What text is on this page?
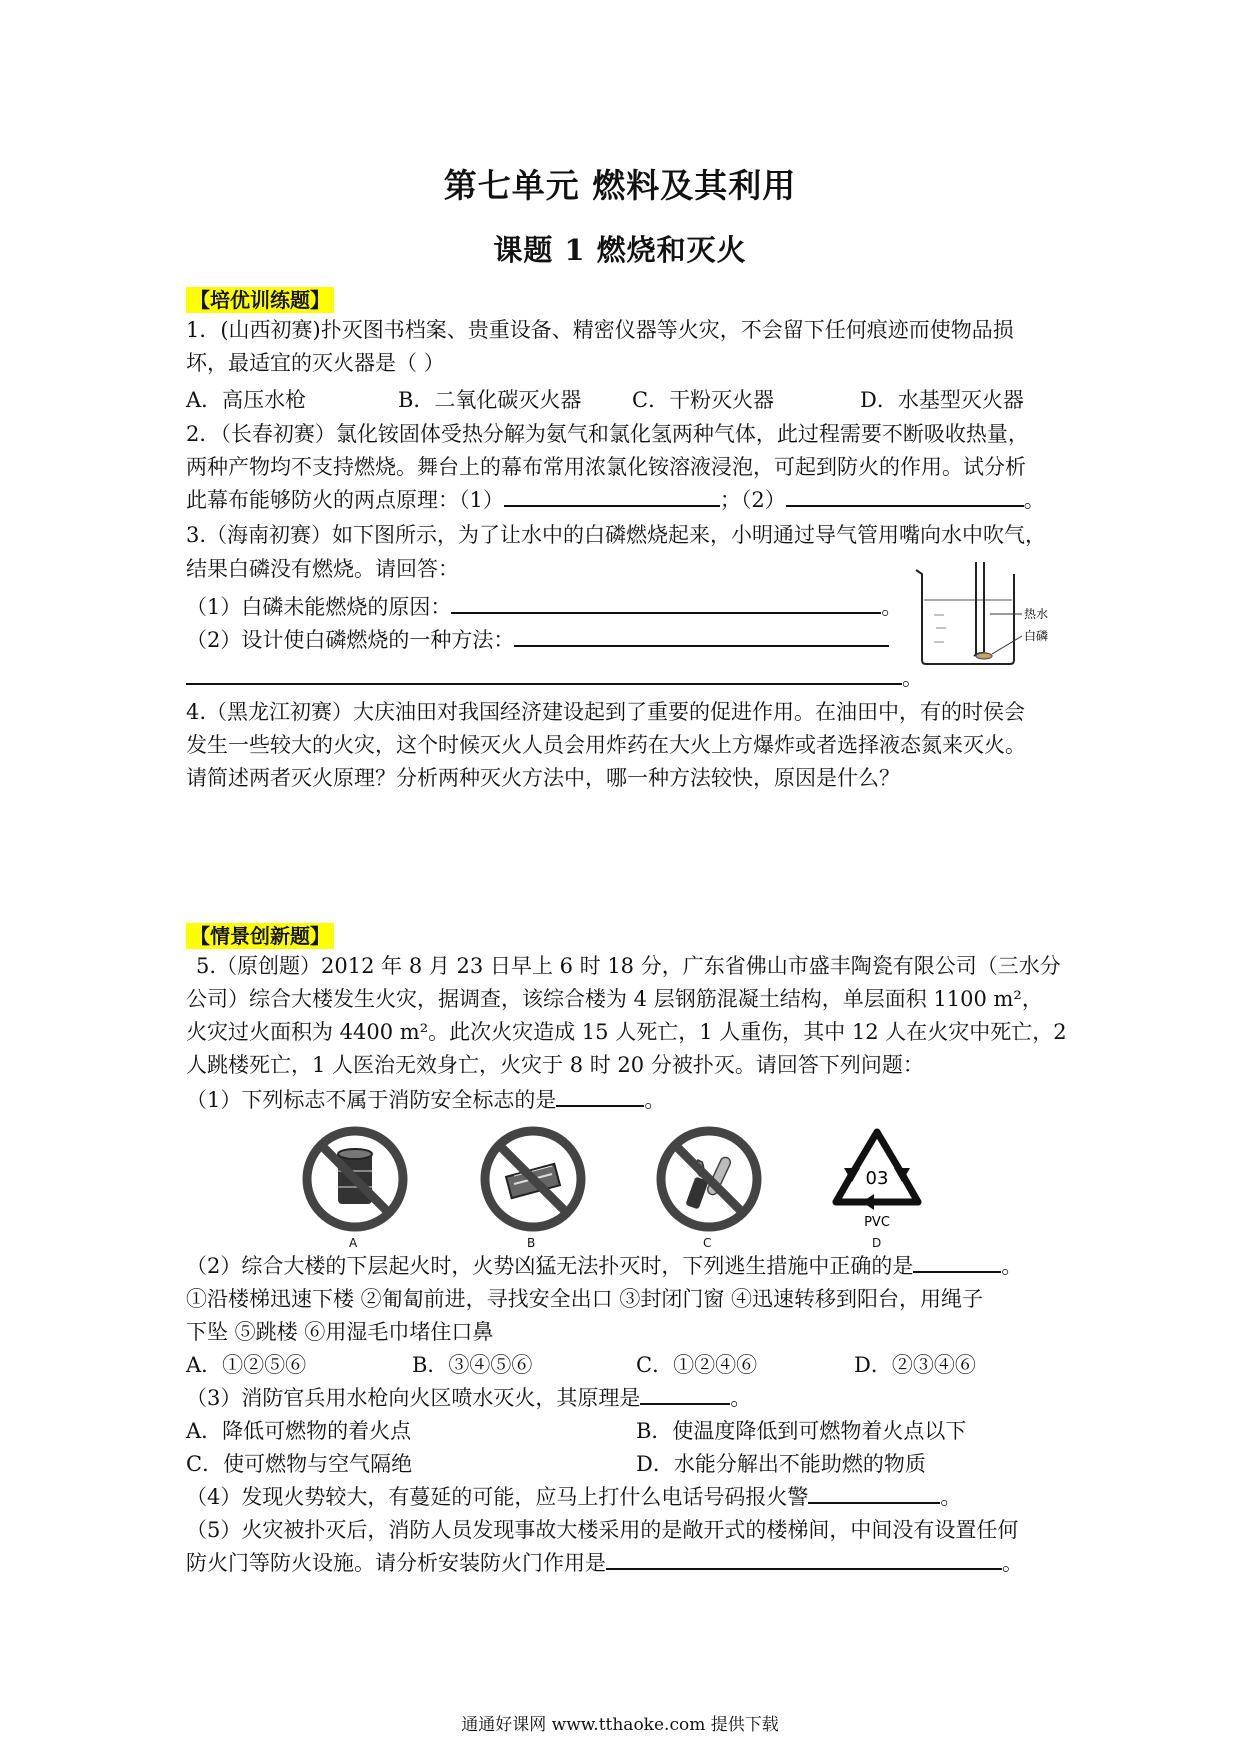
第七单元 燃料及其利用
课题 1 燃烧和灭火
【培优训练题】
1．(山西初赛)扑灭图书档案、贵重设备、精密仪器等火灾，不会留下任何痕迹而使物品损
坏，最适宜的灭火器是（ ）
A．高压水枪	B．二氧化碳灭火器 C．干粉灭火器	D．水基型灭火器
2．（长春初赛）氯化铵固体受热分解为氨气和氯化氢两种气体，此过程需要不断吸收热量，
两种产物均不支持燃烧。舞台上的幕布常用浓氯化铵溶液浸泡，可起到防火的作用。试分析
此幕布能够防火的两点原理：（1）	；（2）	。
3.（海南初赛）如下图所示，为了让水中的白磷燃烧起来，小明通过导气管用嘴向水中吹气，
结果白磷没有燃烧。请回答：
（1）白磷未能燃烧的原因：	。
（2）设计使白磷燃烧的一种方法：
。
热水
白磷
4.（黑龙江初赛）大庆油田对我国经济建设起到了重要的促进作用。在油田中，有的时侯会
发生一些较大的火灾，这个时候灭火人员会用炸药在大火上方爆炸或者选择液态氮来灭火。
请简述两者灭火原理？分析两种灭火方法中，哪一种方法较快，原因是什么？
【情景创新题】
5.（原创题）2012 年 8 月 23 日早上 6 时 18 分，广东省佛山市盛丰陶瓷有限公司（三水分
公司）综合大楼发生火灾，据调查，该综合楼为 4 层钢筋混凝土结构，单层面积 1100 m²，
火灾过火面积为 4400 m²。此次火灾造成 15 人死亡，1 人重伤，其中 12 人在火灾中死亡，2
人跳楼死亡，1 人医治无效身亡，火灾于 8 时 20 分被扑灭。请回答下列问题：
（1）下列标志不属于消防安全标志的是	。
03
PVC
A	B	C	D
（2）综合大楼的下层起火时，火势凶猛无法扑灭时，下列逃生措施中正确的是	。
①沿楼梯迅速下楼 ②匍匐前进，寻找安全出口 ③封闭门窗 ④迅速转移到阳台，用绳子
下坠 ⑤跳楼 ⑥用湿毛巾堵住口鼻
A．①②⑤⑥	B．③④⑤⑥	C．①②④⑥	D．②③④⑥
（3）消防官兵用水枪向火区喷水灭火，其原理是	。
A．降低可燃物的着火点	B．使温度降低到可燃物着火点以下
C．使可燃物与空气隔绝	D．水能分解出不能助燃的物质
（4）发现火势较大，有蔓延的可能，应马上打什么电话号码报火警	。
（5）火灾被扑灭后，消防人员发现事故大楼采用的是敞开式的楼梯间，中间没有设置任何
防火门等防火设施。请分析安装防火门作用是	。
通通好课网 www.tthaoke.com 提供下载
